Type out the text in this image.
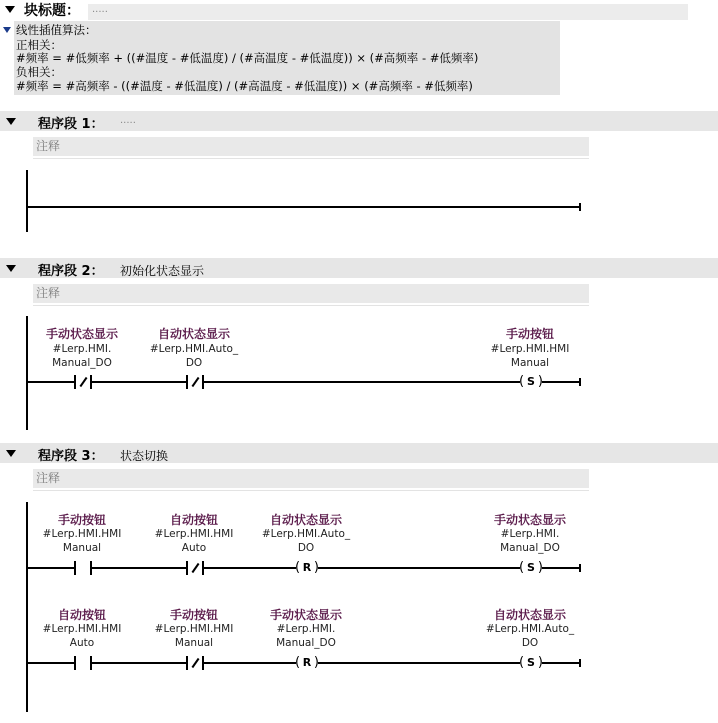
块标题： .....
线性插值算法：
正相关：
#频率 = #低频率 + ((#温度 - #低温度) / (#高温度 - #低温度)) × (#高频率 - #低频率)
负相关：
#频率 = #高频率 - ((#温度 - #低温度) / (#高温度 - #低温度)) × (#高频率 - #低频率)
程序段 1： .....
注释
程序段 2： 初始化状态显示
注释
手动状态显示
#Lerp.HMI.
Manual_DO
自动状态显示
#Lerp.HMI.Auto_
DO
手动按钮
#Lerp.HMI.HMI
Manual
( S )
程序段 3： 状态切换
注释
手动按钮
#Lerp.HMI.HMI
Manual
自动按钮
#Lerp.HMI.HMI
Auto
自动状态显示
#Lerp.HMI.Auto_
DO
( R )
手动状态显示
#Lerp.HMI.
Manual_DO
( S )
自动按钮
#Lerp.HMI.HMI
Auto
手动按钮
#Lerp.HMI.HMI
Manual
手动状态显示
#Lerp.HMI.
Manual_DO
( R )
自动状态显示
#Lerp.HMI.Auto_
DO
( S )
